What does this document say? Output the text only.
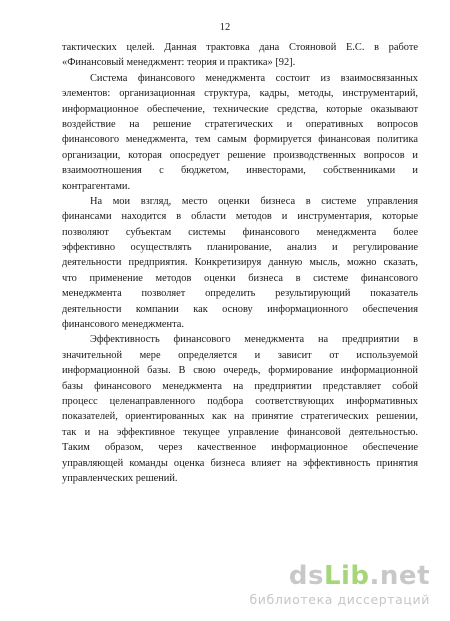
12
тактических целей. Данная трактовка дана Стояновой Е.С. в работе
«Финансовый менеджмент: теория и практика» [92].
Система финансового менеджмента состоит из взаимосвязанных
элементов: организационная структура, кадры, методы, инструментарий,
информационное обеспечение, технические средства, которые оказывают
воздействие на решение стратегических и оперативных вопросов
финансового менеджмента, тем самым формируется финансовая политика
организации, которая опосредует решение производственных вопросов и
взаимоотношения с бюджетом, инвесторами, собственниками и
контрагентами.
На мои взгляд, место оценки бизнеса в системе управления
финансами находится в области методов и инструментария, которые
позволяют субъектам системы финансового менеджмента более
эффективно осуществлять планирование, анализ и регулирование
деятельности предприятия. Конкретизируя данную мысль, можно сказать,
что применение методов оценки бизнеса в системе финансового
менеджмента позволяет определить результирующий показатель
деятельности компании как основу информационного обеспечения
финансового менеджмента.
Эффективность финансового менеджмента на предприятии в
значительной мере определяется и зависит от используемой
информационной базы. В свою очередь, формирование информационной
базы финансового менеджмента на предприятии представляет собой
процесс целенаправленного подбора соответствующих информативных
показателей, ориентированных как на принятие стратегических решении,
так и на эффективное текущее управление финансовой деятельностью.
Таким образом, через качественное информационное обеспечение
управляющей команды оценка бизнеса влияет на эффективность принятия
управленческих решений.
dsLib.net
библиотека диссертаций
